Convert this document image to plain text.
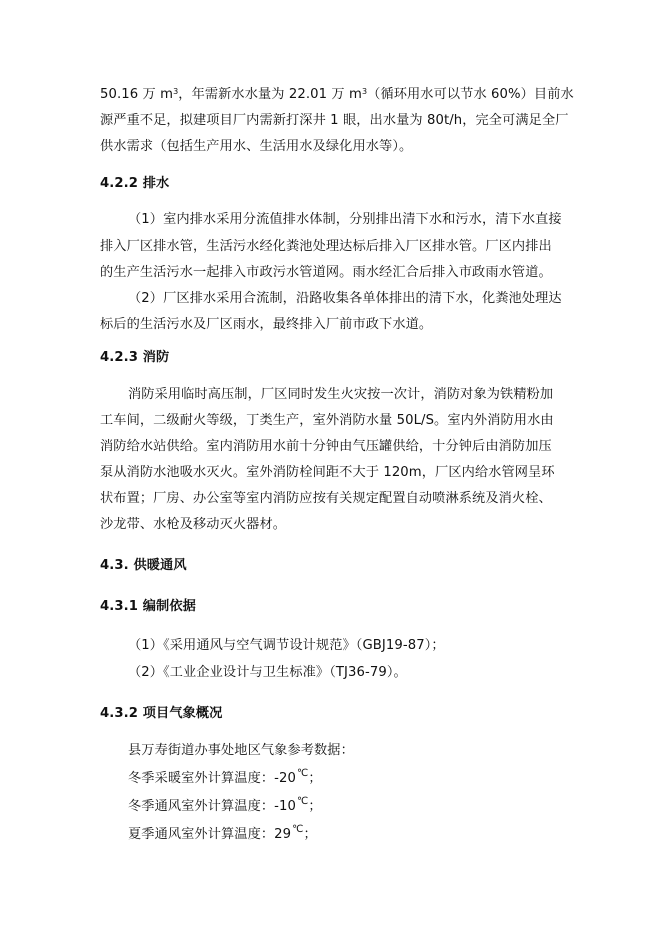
50.16 万 $m^3$，年需新水水量为 22.01 万 $m^3$（循环用水可以节水 60%）目前水
源严重不足，拟建项目厂内需新打深井 1 眼，出水量为 80t/h，完全可满足全厂
供水需求（包括生产用水、生活用水及绿化用水等）。
4.2.2 排水
（1）室内排水采用分流值排水体制，分别排出清下水和污水，清下水直接
排入厂区排水管，生活污水经化粪池处理达标后排入厂区排水管。厂区内排出
的生产生活污水一起排入市政污水管道网。雨水经汇合后排入市政雨水管道。
（2）厂区排水采用合流制，沿路收集各单体排出的清下水，化粪池处理达
标后的生活污水及厂区雨水，最终排入厂前市政下水道。
4.2.3 消防
消防采用临时高压制，厂区同时发生火灾按一次计，消防对象为铁精粉加
工车间，二级耐火等级，丁类生产，室外消防水量 50L/S。室内外消防用水由
消防给水站供给。室内消防用水前十分钟由气压罐供给，十分钟后由消防加压
泵从消防水池吸水灭火。室外消防栓间距不大于 120m，厂区内给水管网呈环
状布置；厂房、办公室等室内消防应按有关规定配置自动喷淋系统及消火栓、
沙龙带、水枪及移动灭火器材。
4.3. 供暖通风
4.3.1 编制依据
（1）《采用通风与空气调节设计规范》（GBJ19-87）；
（2）《工业企业设计与卫生标准》（TJ36-79）。
4.3.2 项目气象概况
县万寿街道办事处地区气象参考数据：
冬季采暖室外计算温度：-20℃；
冬季通风室外计算温度：-10℃；
夏季通风室外计算温度：29℃；
